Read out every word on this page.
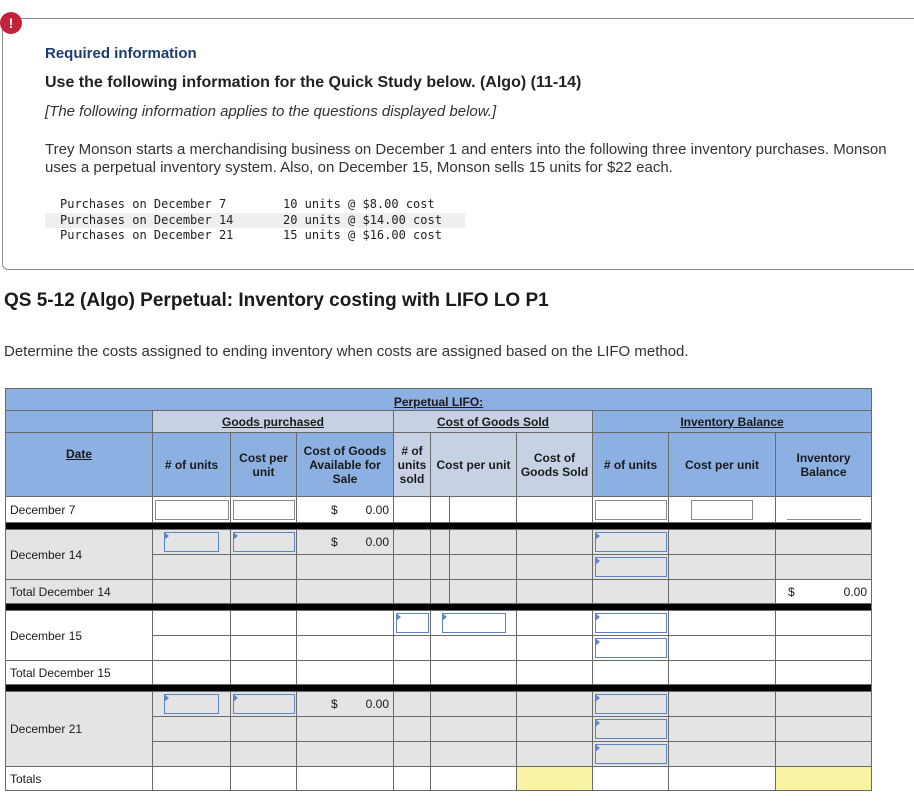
!
Required information
Use the following information for the Quick Study below. (Algo) (11-14)
[The following information applies to the questions displayed below.]
Trey Monson starts a merchandising business on December 1 and enters into the following three inventory purchases. Monson uses a perpetual inventory system. Also, on December 15, Monson sells 15 units for $22 each.
Purchases on December 7	10 units @ $8.00 cost
Purchases on December 14	20 units @ $14.00 cost
Purchases on December 21	15 units @ $16.00 cost
QS 5-12 (Algo) Perpetual: Inventory costing with LIFO LO P1
Determine the costs assigned to ending inventory when costs are assigned based on the LIFO method.
Perpetual LIFO:										
	Goods purchased			Cost of Goods Sold				Inventory Balance		
Date	# of units	Cost per unit	Cost of Goods Available for Sale	# of units sold	Cost per unit		Cost of Goods Sold	# of units	Cost per unit	Inventory Balance
December 7			$ 0.00							

December 14			$ 0.00							

Total December 14										$ 0.00

December 15					

Total December 15										

December 21			$ 0.00							

Totals										
